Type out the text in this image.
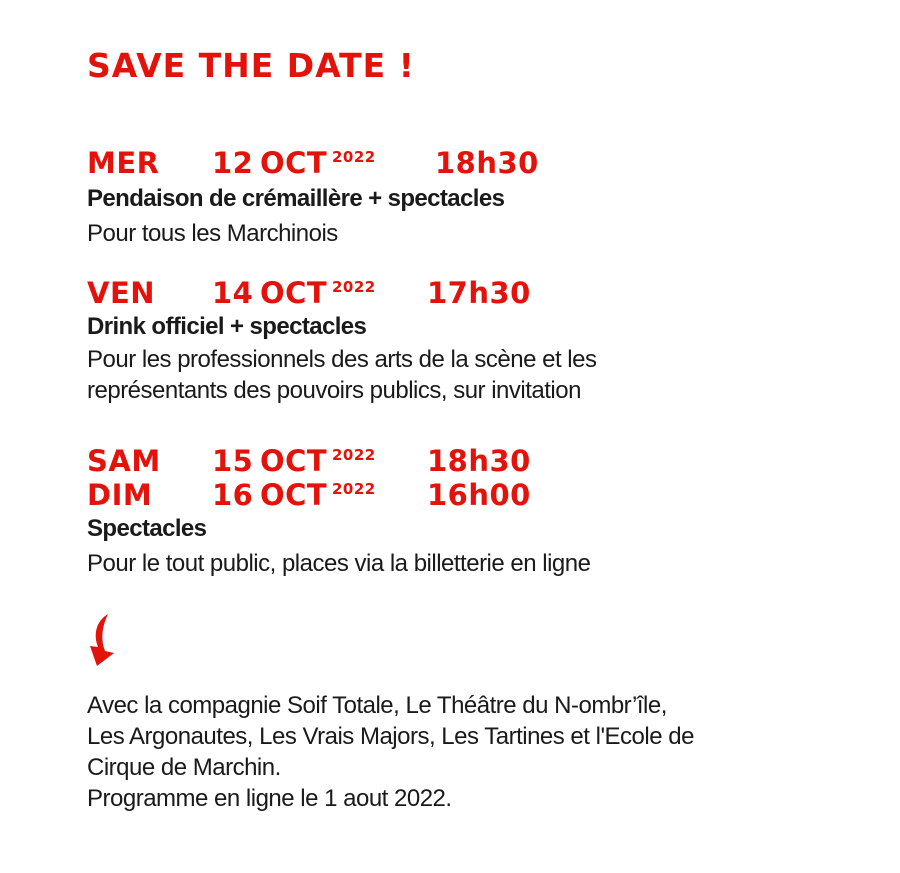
SAVE THE DATE !
MER 12 OCT 2022 18h30
Pendaison de crémaillère + spectacles

Pour tous les Marchinois

VEN 14 OCT 2022 17h30
Drink officiel + spectacles

Pour les professionnels des arts de la scène et les
représentants des pouvoirs publics, sur invitation

SAM 15 OCT 2022 18h30
DIM 16 OCT 2022 16h00
Spectacles

Pour le tout public, places via la billetterie en ligne

Avec la compagnie Soif Totale, Le Théâtre du N-ombr’île,
Les Argonautes, Les Vrais Majors, Les Tartines et l'Ecole de
Cirque de Marchin.
Programme en ligne le 1 aout 2022.
